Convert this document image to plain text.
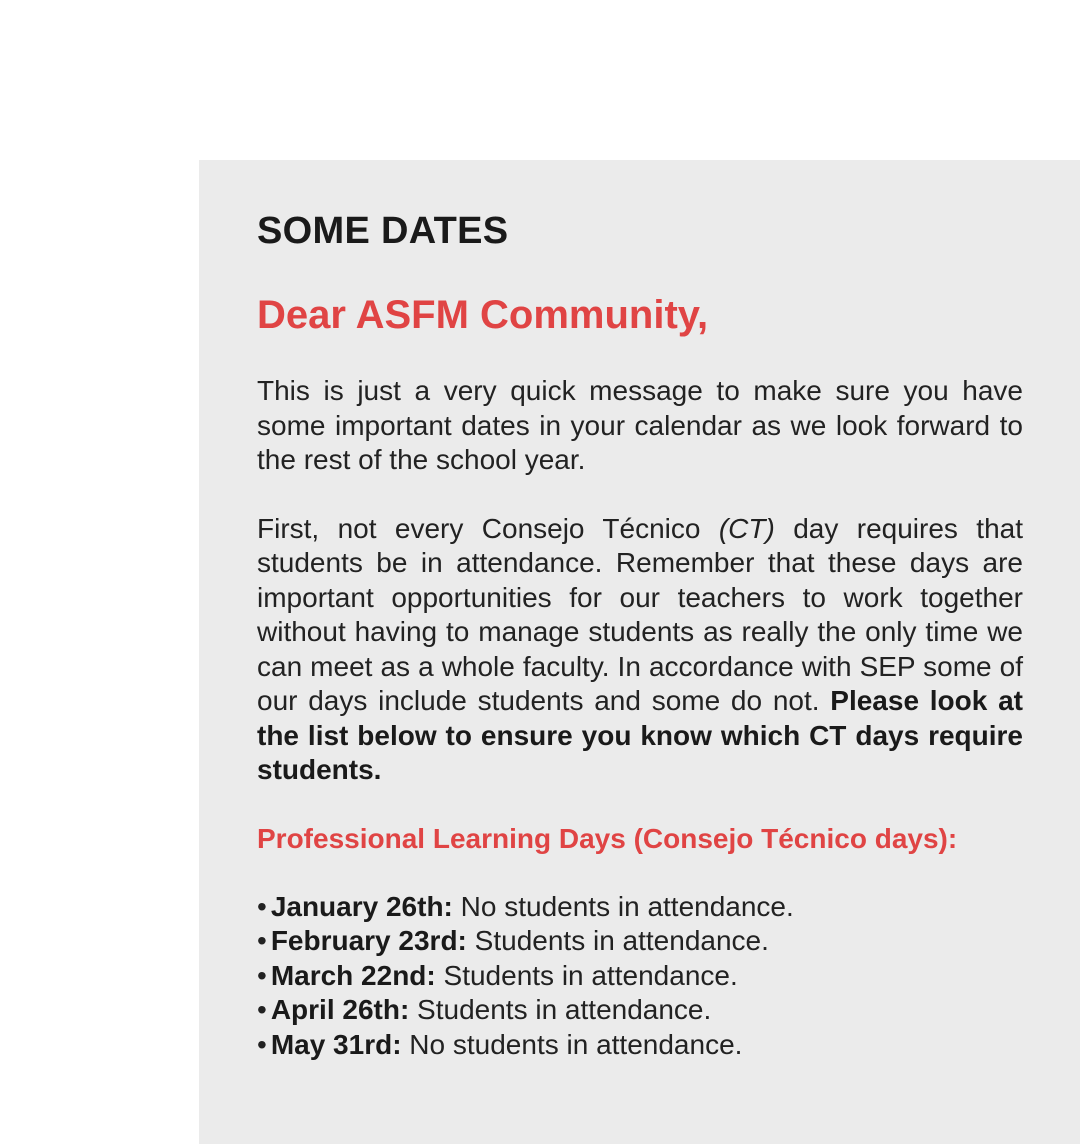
SOME DATES
Dear ASFM Community,

This is just a very quick message to make sure you have some important dates in your calendar as we look forward to the rest of the school year.

First, not every Consejo Técnico (CT) day requires that students be in attendance. Remember that these days are important opportunities for our teachers to work together without having to manage students as really the only time we can meet as a whole faculty. In accordance with SEP some of our days include students and some do not. Please look at the list below to ensure you know which CT days require students.

Professional Learning Days (Consejo Técnico days):
• January 26th: No students in attendance.
• February 23rd: Students in attendance.
• March 22nd: Students in attendance.
• April 26th: Students in attendance.
• May 31rd: No students in attendance.
